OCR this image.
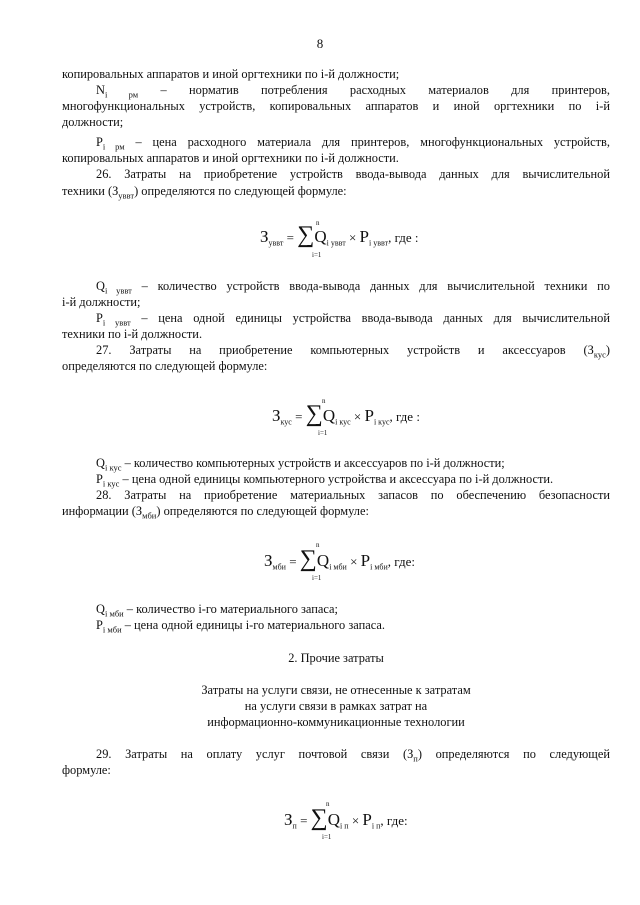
8
копировальных аппаратов и иной оргтехники по i-й должности;
$N_{i рм}$ – норматив потребления расходных материалов для принтеров,
многофункциональных устройств, копировальных аппаратов и иной оргтехники по i-й
должности;
$P_{i рм}$ – цена расходного материала для принтеров, многофункциональных устройств,
копировальных аппаратов и иной оргтехники по i-й должности.
26. Затраты на приобретение устройств ввода-вывода данных для вычислительной
техники $(З_{уввт})$ определяются по следующей формуле:
$З_{уввт} = \sum Q_{i уввт} \times P_{i уввт}$, где :
n
i=1
$Q_{i уввт}$ – количество устройств ввода-вывода данных для вычислительной техники по
i-й должности;
$P_{i уввт}$ – цена одной единицы устройства ввода-вывода данных для вычислительной
техники по i-й должности.
27. Затраты на приобретение компьютерных устройств и аксессуаров $(З_{кус})$
определяются по следующей формуле:
$З_{кус} = \sum Q_{i кус} \times P_{i кус}$, где :
n
i=1
$Q_{i кус}$ – количество компьютерных устройств и аксессуаров по i-й должности;
$P_{i кус}$ – цена одной единицы компьютерного устройства и аксессуара по i-й должности.
28. Затраты на приобретение материальных запасов по обеспечению безопасности
информации $(З_{мби})$ определяются по следующей формуле:
$З_{мби} = \sum Q_{i мби} \times P_{i мби}$, где:
n
i=1
$Q_{i мби}$ – количество i-го материального запаса;
$P_{i мби}$ – цена одной единицы i-го материального запаса.
2. Прочие затраты
Затраты на услуги связи, не отнесенные к затратам
на услуги связи в рамках затрат на
информационно-коммуникационные технологии
29. Затраты на оплату услуг почтовой связи $(З_п)$ определяются по следующей
формуле:
$З_п = \sum Q_{i п} \times P_{i п}$, где:
n
i=1
